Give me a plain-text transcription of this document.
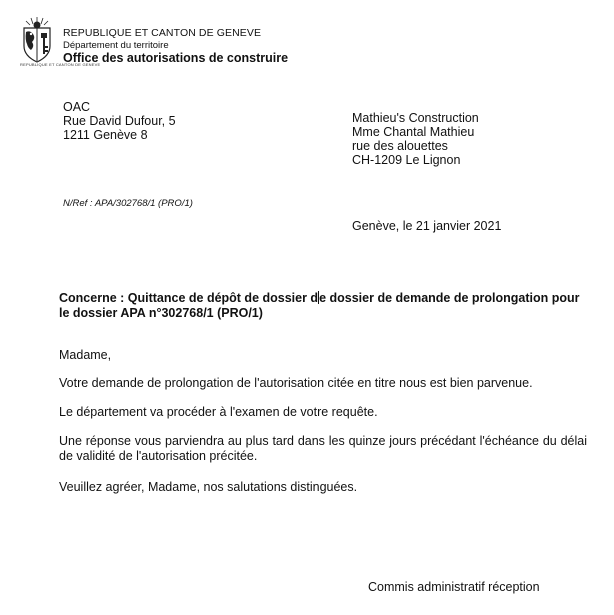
REPUBLIQUE ET CANTON DE GENEVE
REPUBLIQUE ET CANTON DE GENEVE
Département du territoire
Office des autorisations de construire
OAC
Rue David Dufour, 5
1211 Genève 8
Mathieu's Construction
Mme Chantal Mathieu
rue des alouettes
CH-1209 Le Lignon
N/Ref : APA/302768/1 (PRO/1)
Genève, le 21 janvier 2021
Concerne : Quittance de dépôt de dossier de dossier de demande de prolongation pour le dossier APA n°302768/1 (PRO/1)
Madame,
Votre demande de prolongation de l'autorisation citée en titre nous est bien parvenue.
Le département va procéder à l'examen de votre requête.
Une réponse vous parviendra au plus tard dans les quinze jours précédant l'échéance du délai de validité de l'autorisation précitée.
Veuillez agréer, Madame, nos salutations distinguées.
Commis administratif réception
